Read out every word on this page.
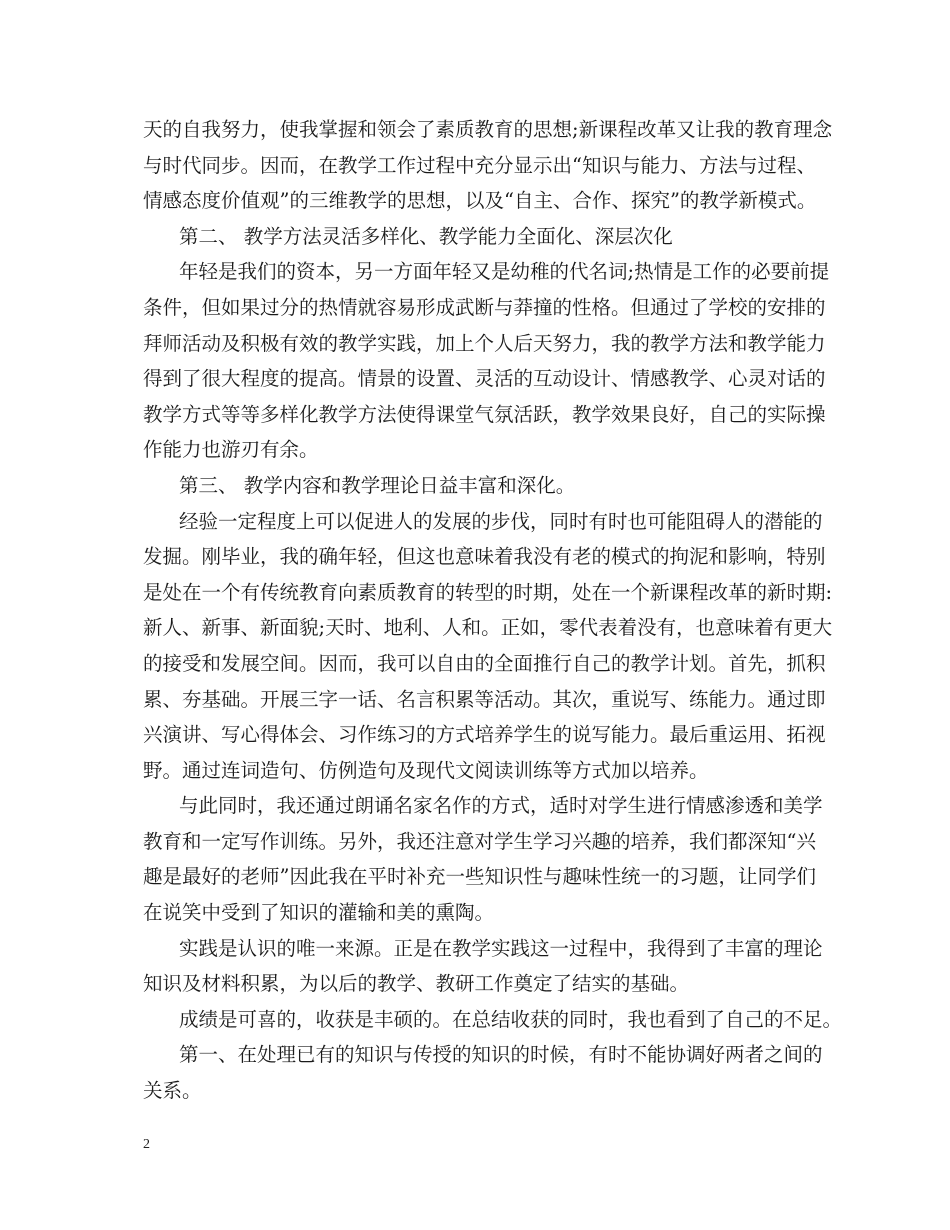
天的自我努力，使我掌握和领会了素质教育的思想;新课程改革又让我的教育理念
与时代同步。因而，在教学工作过程中充分显示出“知识与能力、方法与过程、
情感态度价值观”的三维教学的思想，以及“自主、合作、探究”的教学新模式。
第二、 教学方法灵活多样化、教学能力全面化、深层次化
年轻是我们的资本，另一方面年轻又是幼稚的代名词;热情是工作的必要前提
条件，但如果过分的热情就容易形成武断与莽撞的性格。但通过了学校的安排的
拜师活动及积极有效的教学实践，加上个人后天努力，我的教学方法和教学能力
得到了很大程度的提高。情景的设置、灵活的互动设计、情感教学、心灵对话的
教学方式等等多样化教学方法使得课堂气氛活跃，教学效果良好，自己的实际操
作能力也游刃有余。
第三、 教学内容和教学理论日益丰富和深化。
经验一定程度上可以促进人的发展的步伐，同时有时也可能阻碍人的潜能的
发掘。刚毕业，我的确年轻，但这也意味着我没有老的模式的拘泥和影响，特别
是处在一个有传统教育向素质教育的转型的时期，处在一个新课程改革的新时期:
新人、新事、新面貌;天时、地利、人和。正如，零代表着没有，也意味着有更大
的接受和发展空间。因而，我可以自由的全面推行自己的教学计划。首先，抓积
累、夯基础。开展三字一话、名言积累等活动。其次，重说写、练能力。通过即
兴演讲、写心得体会、习作练习的方式培养学生的说写能力。最后重运用、拓视
野。通过连词造句、仿例造句及现代文阅读训练等方式加以培养。
与此同时，我还通过朗诵名家名作的方式，适时对学生进行情感渗透和美学
教育和一定写作训练。另外，我还注意对学生学习兴趣的培养，我们都深知“兴
趣是最好的老师”因此我在平时补充一些知识性与趣味性统一的习题，让同学们
在说笑中受到了知识的灌输和美的熏陶。
实践是认识的唯一来源。正是在教学实践这一过程中，我得到了丰富的理论
知识及材料积累，为以后的教学、教研工作奠定了结实的基础。
成绩是可喜的，收获是丰硕的。在总结收获的同时，我也看到了自己的不足。
第一、在处理已有的知识与传授的知识的时候，有时不能协调好两者之间的
关系。
2
